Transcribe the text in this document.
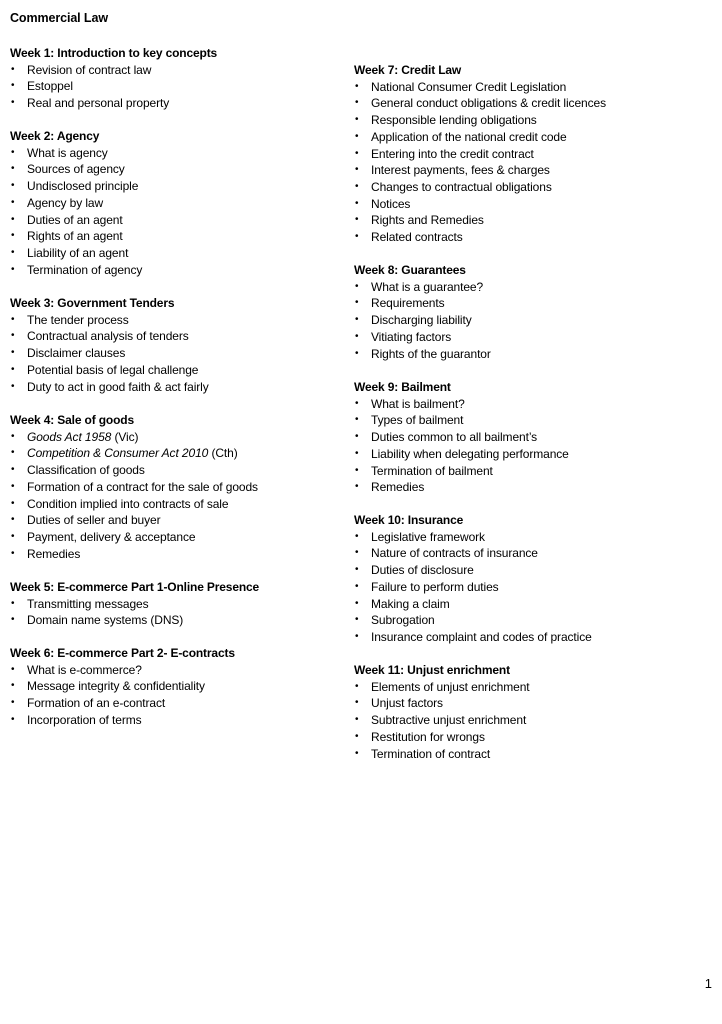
Commercial Law
Week 1: Introduction to key concepts
• Revision of contract law
• Estoppel
• Real and personal property
Week 2: Agency
• What is agency
• Sources of agency
• Undisclosed principle
• Agency by law
• Duties of an agent
• Rights of an agent
• Liability of an agent
• Termination of agency
Week 3: Government Tenders
• The tender process
• Contractual analysis of tenders
• Disclaimer clauses
• Potential basis of legal challenge
• Duty to act in good faith & act fairly
Week 4: Sale of goods
• Goods Act 1958 (Vic)
• Competition & Consumer Act 2010 (Cth)
• Classification of goods
• Formation of a contract for the sale of goods
• Condition implied into contracts of sale
• Duties of seller and buyer
• Payment, delivery & acceptance
• Remedies
Week 5: E-commerce Part 1-Online Presence
• Transmitting messages
• Domain name systems (DNS)
Week 6: E-commerce Part 2- E-contracts
• What is e-commerce?
• Message integrity & confidentiality
• Formation of an e-contract
• Incorporation of terms
Week 7: Credit Law
• National Consumer Credit Legislation
• General conduct obligations & credit licences
• Responsible lending obligations
• Application of the national credit code
• Entering into the credit contract
• Interest payments, fees & charges
• Changes to contractual obligations
• Notices
• Rights and Remedies
• Related contracts
Week 8: Guarantees
• What is a guarantee?
• Requirements
• Discharging liability
• Vitiating factors
• Rights of the guarantor
Week 9: Bailment
• What is bailment?
• Types of bailment
• Duties common to all bailment’s
• Liability when delegating performance
• Termination of bailment
• Remedies
Week 10: Insurance
• Legislative framework
• Nature of contracts of insurance
• Duties of disclosure
• Failure to perform duties
• Making a claim
• Subrogation
• Insurance complaint and codes of practice
Week 11: Unjust enrichment
• Elements of unjust enrichment
• Unjust factors
• Subtractive unjust enrichment
• Restitution for wrongs
• Termination of contract
1
